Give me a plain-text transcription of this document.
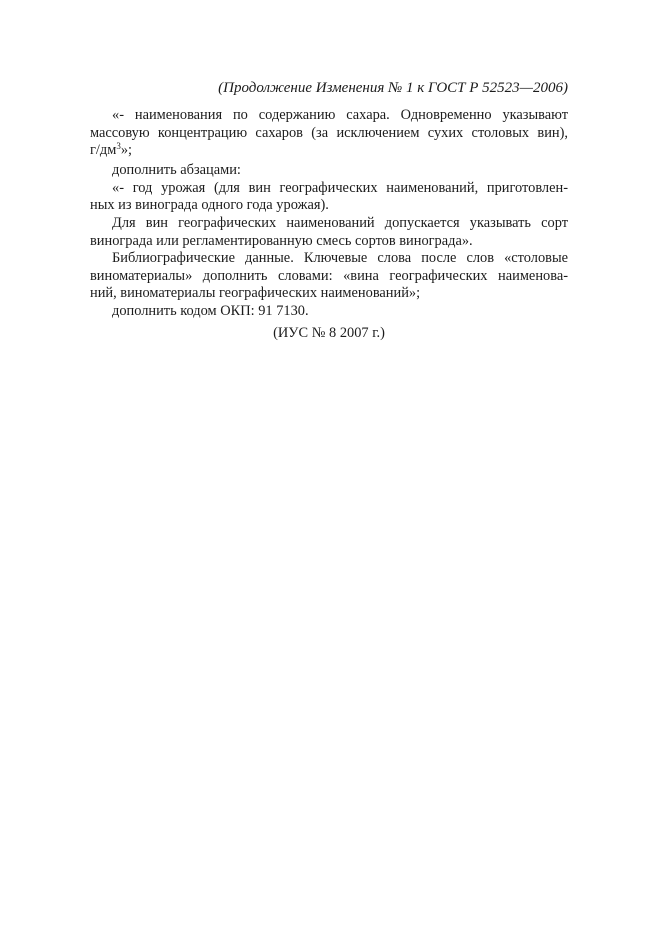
(Продолжение Изменения № 1 к ГОСТ Р 52523—2006)
«- наименования по содержанию сахара. Одновременно указывают
массовую концентрацию сахаров (за исключением сухих столовых вин),
$г/дм^3$»;
дополнить абзацами:
«- год урожая (для вин географических наименований, приготовлен-
ных из винограда одного года урожая).
Для вин географических наименований допускается указывать сорт
винограда или регламентированную смесь сортов винограда».
Библиографические данные. Ключевые слова после слов «столовые
виноматериалы» дополнить словами: «вина географических наименова-
ний, виноматериалы географических наименований»;
дополнить кодом ОКП: 91 7130.
(ИУС № 8 2007 г.)
